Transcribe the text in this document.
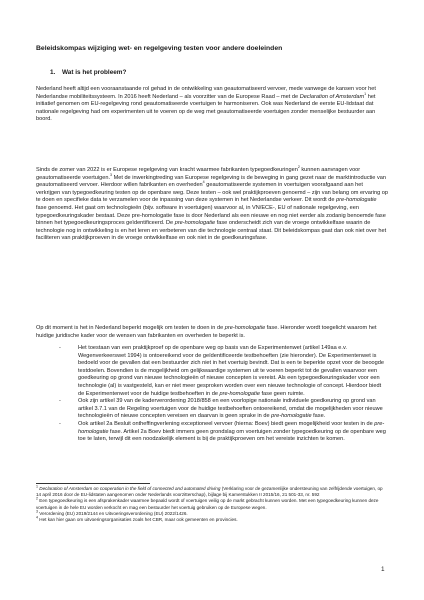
Beleidskompas wijziging wet- en regelgeving testen voor andere doeleinden
1. Wat is het probleem?

Nederland heeft altijd een vooraanstaande rol gehad in de ontwikkeling van geautomatiseerd vervoer, mede vanwege de kansen voor het Nederlandse mobiliteitssysteem. In 2016 heeft Nederland – als voorzitter van de Europese Raad – met de Declaration of Amsterdam$^1$ het initiatief genomen om EU-regelgeving rond geautomatiseerde voertuigen te harmoniseren. Ook was Nederland de eerste EU-lidstaat dat nationale regelgeving had om experimenten uit te voeren op de weg met geautomatiseerde voertuigen zonder menselijke bestuurder aan boord.

Sinds de zomer van 2022 is er Europese regelgeving van kracht waarmee fabrikanten typegoedkeuringen$^2$ kunnen aanvragen voor geautomatiseerde voertuigen.$^3$ Met de inwerkingtreding van Europese regelgeving is de beweging in gang gezet naar de marktintroductie van geautomatiseerd vervoer. Hierdoor willen fabrikanten en overheden$^4$ geautomatiseerde systemen in voertuigen voorafgaand aan het verkrijgen van typegoedkeuring testen op de openbare weg. Deze testen – ook wel praktijkproeven genoemd – zijn van belang om ervaring op te doen en specifieke data te verzamelen voor de inpassing van deze systemen in het Nederlandse verkeer. Dit wordt de pre-homologatie fase genoemd. Het gaat om technologieën (bijv. software in voertuigen) waarvoor al, in VN/ECE-, EU of nationale regelgeving, een typegoedkeuringskader bestaat. Deze pre-homologatie fase is door Nederland als een nieuwe en nog niet eerder als zodanig benoemde fase binnen het typegoedkeuringsproces geïdentificeerd. De pre-homologatie fase onderscheidt zich van de vroege ontwikkelfase waarin de technologie nog in ontwikkeling is en het leren en verbeteren van die technologie centraal staat. Dit beleidskompas gaat dan ook niet over het faciliteren van praktijkproeven in de vroege ontwikkelfase en ook niet in de goedkeuringsfase.

Op dit moment is het in Nederland beperkt mogelijk om testen te doen in de pre-homologatie fase. Hieronder wordt toegelicht waarom het huidige juridische kader voor de wensen van fabrikanten en overheden te beperkt is.

-	Het toestaan van een praktijkproef op de openbare weg op basis van de Experimentenwet (artikel 149aa e.v. Wegenverkeerswet 1994) is ontoereikend voor de geïdentificeerde testbehoeften (zie hieronder). De Experimentenwet is bedoeld voor de gevallen dat een bestuurder zich niet in het voertuig bevindt. Dat is een te beperkte opzet voor de beoogde testdoelen. Bovendien is de mogelijkheid om gelijkwaardige systemen uit te voeren beperkt tot de gevallen waarvoor een goedkeuring op grond van nieuwe technologieën of nieuwe concepten is vereist. Als een typegoedkeuringskader voor een technologie (al) is vastgesteld, kan er niet meer gesproken worden over een nieuwe technologie of concept. Hierdoor biedt de Experimentenwet voor de huidige testbehoeften in de pre-homologatie fase geen ruimte.
-	Ook zijn artikel 39 van de kaderverordening 2018/858 en een voorlopige nationale individuele goedkeuring op grond van artikel 3.7.1 van de Regeling voertuigen voor de huidige testbehoeften ontoereikend, omdat die mogelijkheden voor nieuwe technologieën of nieuwe concepten vereisen en daarvan is geen sprake in de pre-homologatie fase.
-	Ook artikel 2a Besluit ontheffingverlening exceptioneel vervoer (hierna: Boev) biedt geen mogelijkheid voor testen in de pre-homologatie fase. Artikel 2a Boev biedt immers geen grondslag om voertuigen zonder typegoedkeuring op de openbare weg toe te laten, terwijl dit een noodzakelijk element is bij de praktijkproeven om het vereiste inzichten te komen.
$^1$ Declaration of Amsterdam on cooperation in the field of connected and automated driving (Verklaring voor de gezamenlijke ondersteuning van zelfrijdende voertuigen, op 14 april 2016 door de EU-lidstaten aangenomen onder Nederlands voorzitterschap), bijlage bij Kamerstukken II 2015/16, 21 501-33, nr. 592
$^2$ Een typegoedkeuring is een afsprakenkader waarmee bepaald wordt of voertuigen veilig op de markt gebracht kunnen worden. Met een typegoedkeuring kunnen deze voertuigen in de hele EU worden verkocht en mag een bestuurder het voertuig gebruiken op de Europese wegen.
$^3$ Verordening (EU) 2019/2144 en Uitvoeringsverordening (EU) 2022/1426.
$^4$ Het kan hier gaan om uitvoeringsorganisaties zoals het CBR, maar ook gemeenten en provincies.
1
